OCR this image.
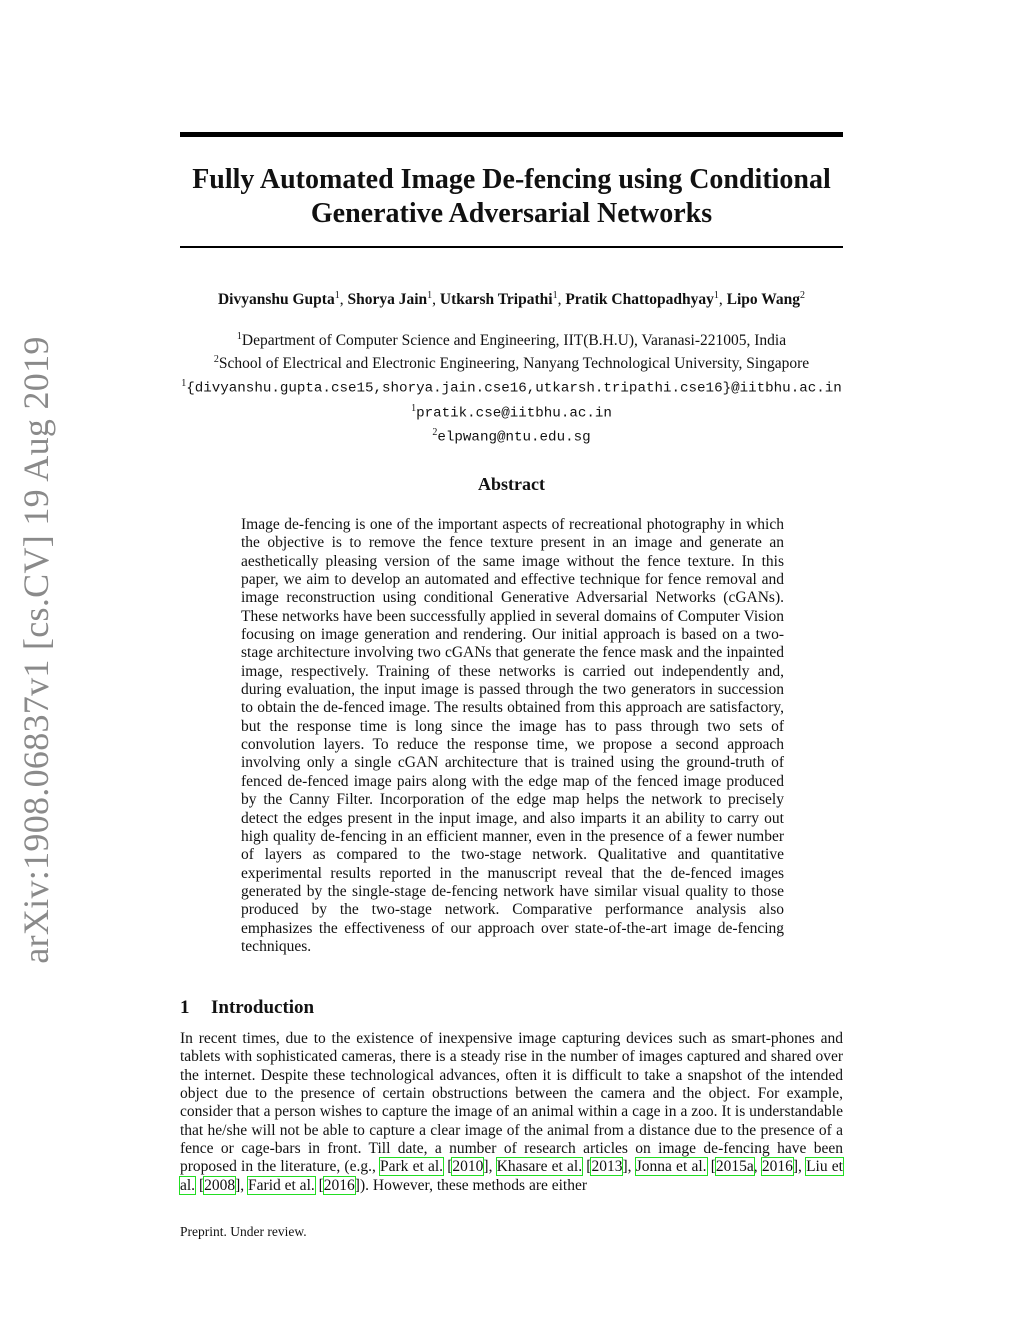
arXiv:1908.06837v1 [cs.CV] 19 Aug 2019
Fully Automated Image De-fencing using Conditional Generative Adversarial Networks
Divyanshu Gupta$^1$, Shorya Jain$^1$, Utkarsh Tripathi$^1$, Pratik Chattopadhyay$^1$, Lipo Wang$^2$
$^1$Department of Computer Science and Engineering, IIT(B.H.U), Varanasi-221005, India
$^2$School of Electrical and Electronic Engineering, Nanyang Technological University, Singapore
$^1${divyanshu.gupta.cse15,shorya.jain.cse16,utkarsh.tripathi.cse16}@iitbhu.ac.in
$^1$pratik.cse@iitbhu.ac.in
$^2$elpwang@ntu.edu.sg
Abstract

Image de-fencing is one of the important aspects of recreational photography in which the objective is to remove the fence texture present in an image and generate an aesthetically pleasing version of the same image without the fence texture. In this paper, we aim to develop an automated and effective technique for fence removal and image reconstruction using conditional Generative Adversarial Networks (cGANs). These networks have been successfully applied in several domains of Computer Vision focusing on image generation and rendering. Our initial approach is based on a two-stage architecture involving two cGANs that generate the fence mask and the inpainted image, respectively. Training of these networks is carried out independently and, during evaluation, the input image is passed through the two generators in succession to obtain the de-fenced image. The results obtained from this approach are satisfactory, but the response time is long since the image has to pass through two sets of convolution layers. To reduce the response time, we propose a second approach involving only a single cGAN architecture that is trained using the ground-truth of fenced de-fenced image pairs along with the edge map of the fenced image produced by the Canny Filter. Incorporation of the edge map helps the network to precisely detect the edges present in the input image, and also imparts it an ability to carry out high quality de-fencing in an efficient manner, even in the presence of a fewer number of layers as compared to the two-stage network. Qualitative and quantitative experimental results reported in the manuscript reveal that the de-fenced images generated by the single-stage de-fencing network have similar visual quality to those produced by the two-stage network. Comparative performance analysis also emphasizes the effectiveness of our approach over state-of-the-art image de-fencing techniques.

1 Introduction

In recent times, due to the existence of inexpensive image capturing devices such as smart-phones and tablets with sophisticated cameras, there is a steady rise in the number of images captured and shared over the internet. Despite these technological advances, often it is difficult to take a snapshot of the intended object due to the presence of certain obstructions between the camera and the object. For example, consider that a person wishes to capture the image of an animal within a cage in a zoo. It is understandable that he/she will not be able to capture a clear image of the animal from a distance due to the presence of a fence or cage-bars in front. Till date, a number of research articles on image de-fencing have been proposed in the literature, (e.g., Park et al. [2010], Khasare et al. [2013], Jonna et al. [2015a, 2016], Liu et al. [2008], Farid et al. [2016]). However, these methods are either

Preprint. Under review.
